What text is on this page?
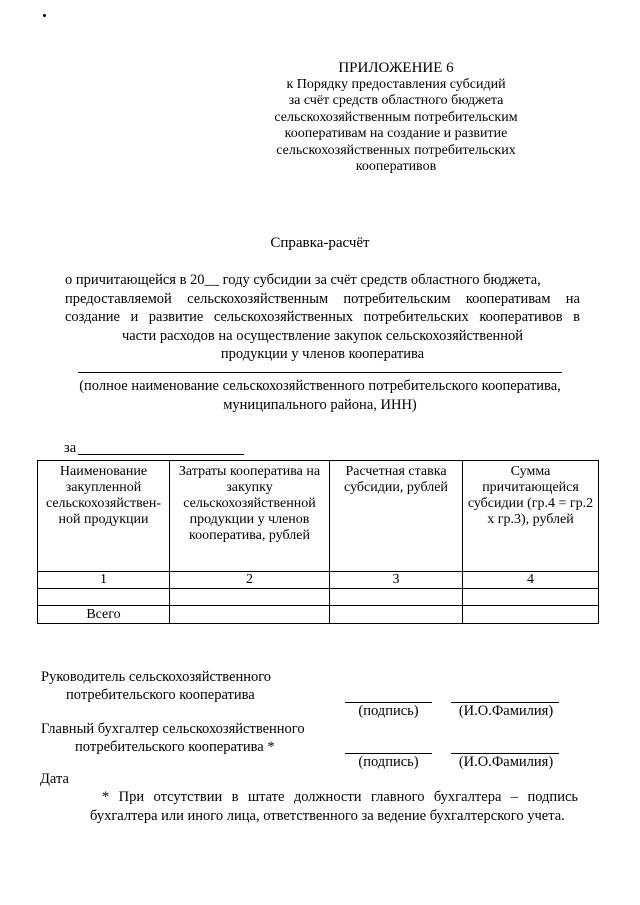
ПРИЛОЖЕНИЕ 6
к Порядку предоставления субсидий
за счёт средств областного бюджета
сельскохозяйственным потребительским
кооперативам на создание и развитие
сельскохозяйственных потребительских
кооперативов
Справка-расчёт
о причитающейся в 20__ году субсидии за счёт средств областного бюджета,
предоставляемой сельскохозяйственным потребительским кооперативам на
создание и развитие сельскохозяйственных потребительских кооперативов в
части расходов на осуществление закупок сельскохозяйственной
продукции у членов кооператива
(полное наименование сельскохозяйственного потребительского кооператива,
муниципального района, ИНН)
за
Наименование закупленной сельскохозяйствен-ной продукции	Затраты кооператива на закупку сельскохозяйственной продукции у членов кооператива, рублей	Расчетная ставка субсидии, рублей	Сумма причитающейся субсидии (гр.4 = гр.2 х гр.3), рублей
1	2	3	4

Всего			
Руководитель сельскохозяйственного
потребительского кооператива
(подпись)	(И.О.Фамилия)
Главный бухгалтер сельскохозяйственного
потребительского кооператива *
(подпись)	(И.О.Фамилия)
Дата
* При отсутствии в штате должности главного бухгалтера – подпись
бухгалтера или иного лица, ответственного за ведение бухгалтерского учета.
